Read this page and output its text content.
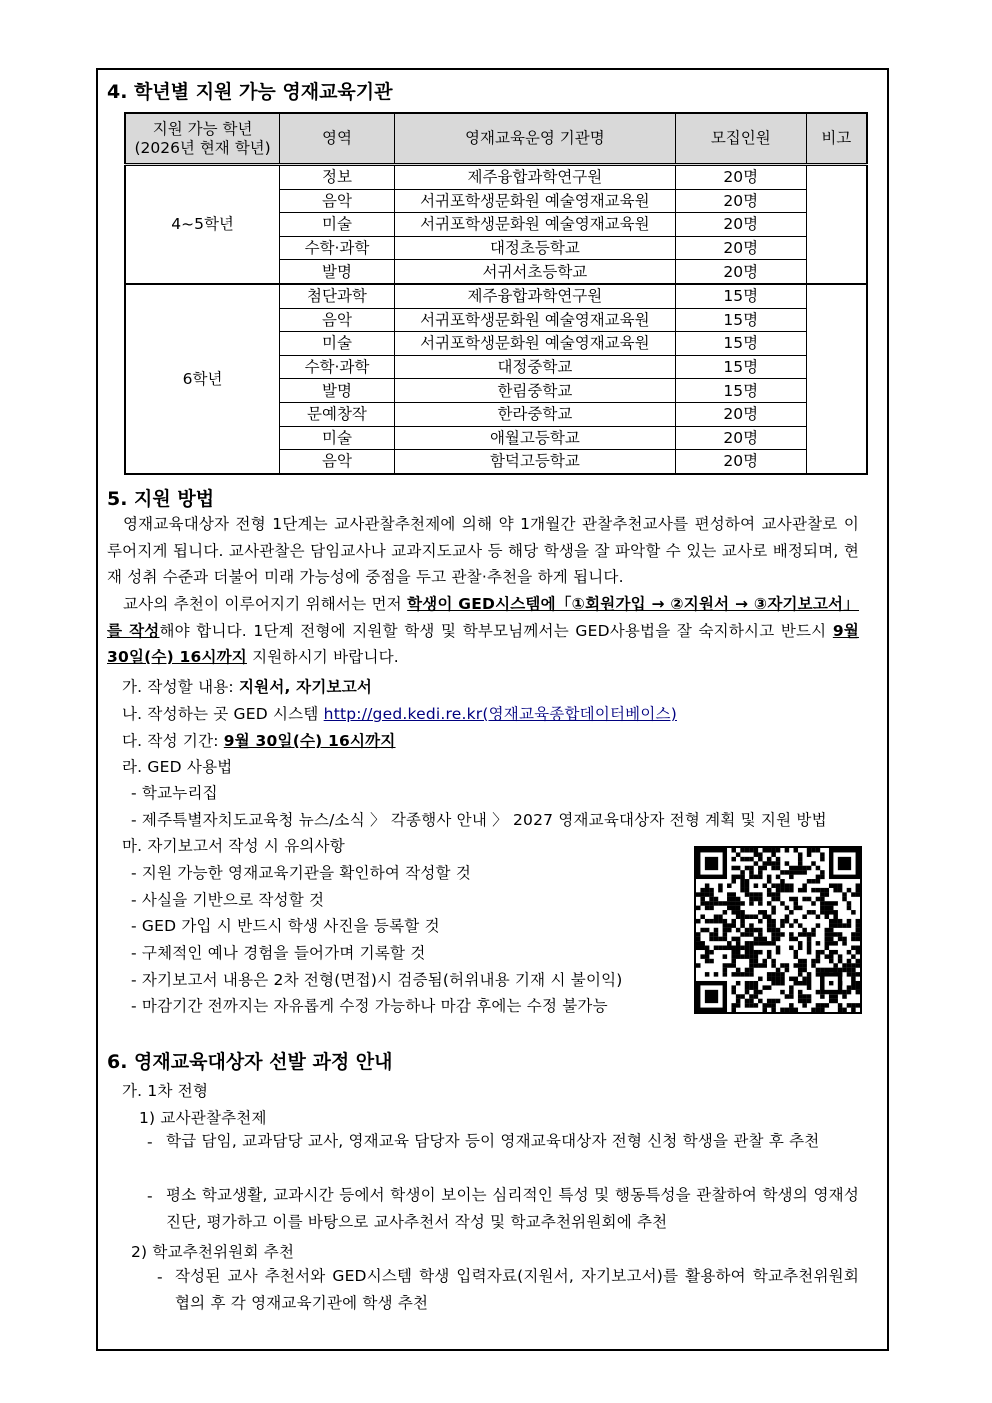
4. 학년별 지원 가능 영재교육기관
지원 가능 학년
(2026년 현재 학년)	영역	영재교육운영 기관명	모집인원	비고
4~5학년	정보	제주융합과학연구원	20명	
	음악	서귀포학생문화원 예술영재교육원	20명	
	미술	서귀포학생문화원 예술영재교육원	20명	
	수학·과학	대정초등학교	20명	
	발명	서귀서초등학교	20명	
6학년	첨단과학	제주융합과학연구원	15명	
	음악	서귀포학생문화원 예술영재교육원	15명	
	미술	서귀포학생문화원 예술영재교육원	15명	
	수학·과학	대정중학교	15명	
	발명	한림중학교	15명	
	문예창작	한라중학교	20명	
	미술	애월고등학교	20명	
	음악	함덕고등학교	20명	
5. 지원 방법
영재교육대상자 전형 1단계는 교사관찰추천제에 의해 약 1개월간 관찰추천교사를 편성하여 교사관찰로 이루어지게 됩니다. 교사관찰은 담임교사나 교과지도교사 등 해당 학생을 잘 파악할 수 있는 교사로 배정되며, 현재 성취 수준과 더불어 미래 가능성에 중점을 두고 관찰·추천을 하게 됩니다.
교사의 추천이 이루어지기 위해서는 먼저 학생이 GED시스템에「①회원가입 → ②지원서 → ③자기보고서」를 작성해야 합니다. 1단계 전형에 지원할 학생 및 학부모님께서는 GED사용법을 잘 숙지하시고 반드시 9월 30일(수) 16시까지 지원하시기 바랍니다.
가. 작성할 내용: 지원서, 자기보고서
나. 작성하는 곳 GED 시스템 http://ged.kedi.re.kr(영재교육종합데이터베이스)
다. 작성 기간: 9월 30일(수) 16시까지
라. GED 사용법
- 학교누리집
- 제주특별자치도교육청 뉴스/소식 〉 각종행사 안내 〉 2027 영재교육대상자 전형 계획 및 지원 방법
마. 자기보고서 작성 시 유의사항
- 지원 가능한 영재교육기관을 확인하여 작성할 것
- 사실을 기반으로 작성할 것
- GED 가입 시 반드시 학생 사진을 등록할 것
- 구체적인 예나 경험을 들어가며 기록할 것
- 자기보고서 내용은 2차 전형(면접)시 검증됨(허위내용 기재 시 불이익)
- 마감기간 전까지는 자유롭게 수정 가능하나 마감 후에는 수정 불가능
6. 영재교육대상자 선발 과정 안내
가. 1차 전형
1) 교사관찰추천제
- 학급 담임, 교과담당 교사, 영재교육 담당자 등이 영재교육대상자 전형 신청 학생을 관찰 후 추천
- 평소 학교생활, 교과시간 등에서 학생이 보이는 심리적인 특성 및 행동특성을 관찰하여 학생의 영재성 진단, 평가하고 이를 바탕으로 교사추천서 작성 및 학교추천위원회에 추천
2) 학교추천위원회 추천
- 작성된 교사 추천서와 GED시스템 학생 입력자료(지원서, 자기보고서)를 활용하여 학교추천위원회 협의 후 각 영재교육기관에 학생 추천
